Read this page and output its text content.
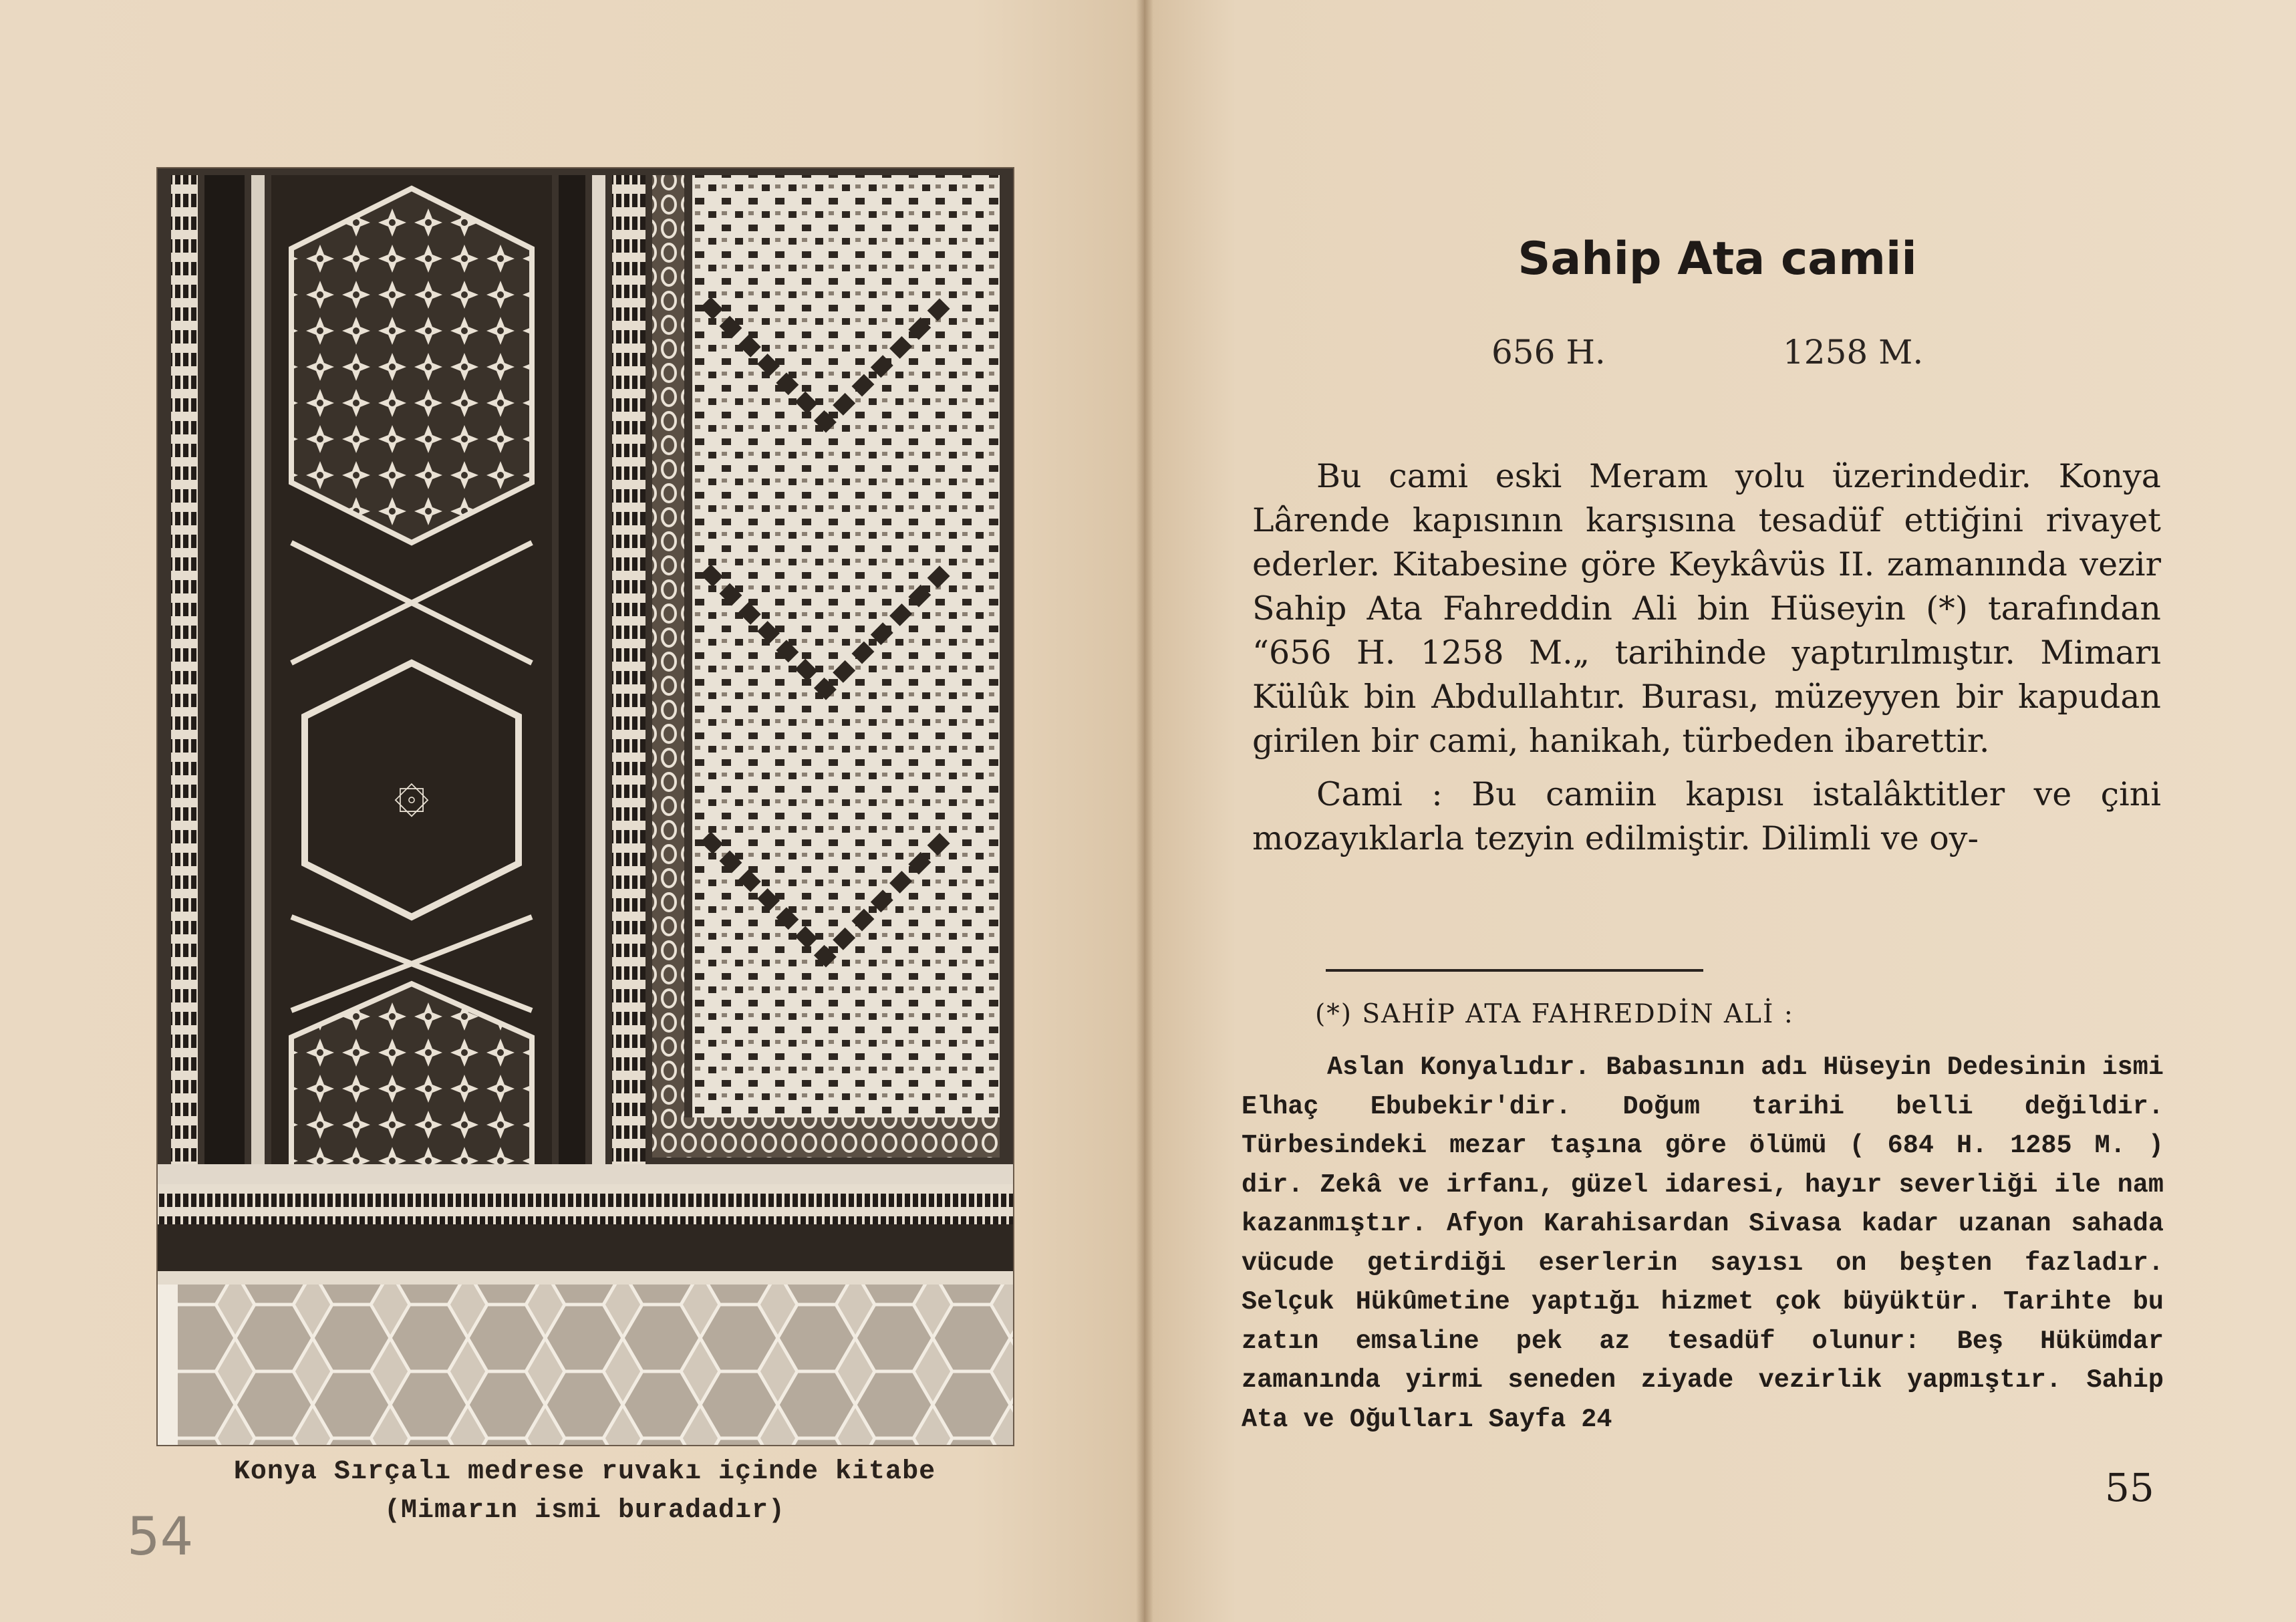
۞
Konya Sırçalı medrese ruvakı içinde kitabe
(Mimarın ismi buradadır)
54
Sahip Ata camii
656 H.	1258 M.

Bu cami eski Meram yolu üzerindedir. Konya Lârende kapısının karşısına tesadüf ettiğini rivayet ederler. Kitabesine göre Keykâvüs II. zamanında vezir Sahip Ata Fahreddin Ali bin Hüseyin (*) tarafından “656 H. 1258 M.„ tarihinde yaptırılmıştır. Mimarı Külûk bin Abdullahtır. Burası, müzeyyen bir kapudan girilen bir cami, hanikah, türbeden ibarettir.

Cami : Bu camiin kapısı istalâktitler ve çini mozayıklarla tezyin edilmiştir. Dilimli ve oy-

(*) SAHİP ATA FAHREDDİN ALİ :

Aslan Konyalıdır. Babasının adı Hüseyin Dedesinin ismi Elhaç Ebubekir'dir. Doğum tarihi belli değildir. Türbesindeki mezar taşına göre ölümü ( 684 H. 1285 M. ) dir. Zekâ ve irfanı, güzel idaresi, hayır severliği ile nam kazanmıştır. Afyon Karahisardan Sivasa kadar uzanan sahada vücude getirdiği eserlerin sayısı on beşten fazladır. Selçuk Hükûmetine yaptığı hizmet çok büyüktür. Tarihte bu zatın emsaline pek az tesadüf olunur: Beş Hükümdar zamanında yirmi seneden ziyade vezirlik yapmıştır. Sahip Ata ve Oğulları Sayfa 24

55
